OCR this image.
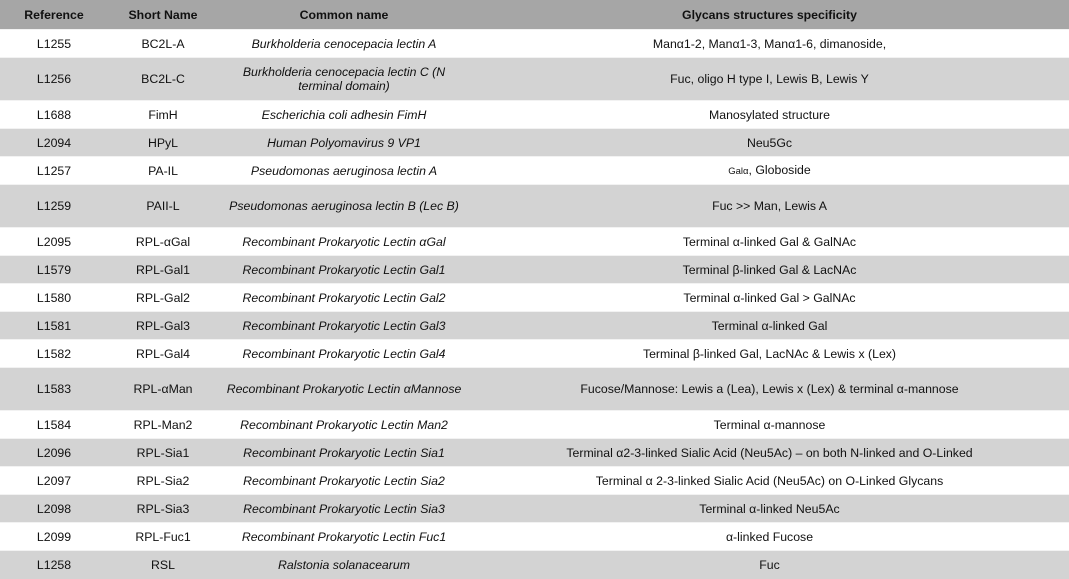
Reference	Short Name	Common name	Glycans structures specificity
L1255	BC2L-A	Burkholderia cenocepacia lectin A	Manα1-2, Manα1-3, Manα1-6, dimanoside,
L1256	BC2L-C	Burkholderia cenocepacia lectin C (N terminal domain)	Fuc, oligo H type I, Lewis B, Lewis Y
L1688	FimH	Escherichia coli adhesin FimH	Manosylated structure
L2094	HPyL	Human Polyomavirus 9 VP1	Neu5Gc
L1257	PA-IL	Pseudomonas aeruginosa lectin A	Galα, Globoside
L1259	PAII-L	Pseudomonas aeruginosa lectin B (Lec B)	Fuc >> Man, Lewis A
L2095	RPL-αGal	Recombinant Prokaryotic Lectin αGal	Terminal α-linked Gal & GalNAc
L1579	RPL-Gal1	Recombinant Prokaryotic Lectin Gal1	Terminal β-linked Gal & LacNAc
L1580	RPL-Gal2	Recombinant Prokaryotic Lectin Gal2	Terminal α-linked Gal > GalNAc
L1581	RPL-Gal3	Recombinant Prokaryotic Lectin Gal3	Terminal α-linked Gal
L1582	RPL-Gal4	Recombinant Prokaryotic Lectin Gal4	Terminal β-linked Gal, LacNAc & Lewis x (Lex)
L1583	RPL-αMan	Recombinant Prokaryotic Lectin αMannose	Fucose/Mannose: Lewis a (Lea), Lewis x (Lex) & terminal α-mannose
L1584	RPL-Man2	Recombinant Prokaryotic Lectin Man2	Terminal α-mannose
L2096	RPL-Sia1	Recombinant Prokaryotic Lectin Sia1	Terminal α2-3-linked Sialic Acid (Neu5Ac) – on both N-linked and O-Linked
L2097	RPL-Sia2	Recombinant Prokaryotic Lectin Sia2	Terminal α 2-3-linked Sialic Acid (Neu5Ac) on O-Linked Glycans
L2098	RPL-Sia3	Recombinant Prokaryotic Lectin Sia3	Terminal α-linked Neu5Ac
L2099	RPL-Fuc1	Recombinant Prokaryotic Lectin Fuc1	α-linked Fucose
L1258	RSL	Ralstonia solanacearum	Fuc
